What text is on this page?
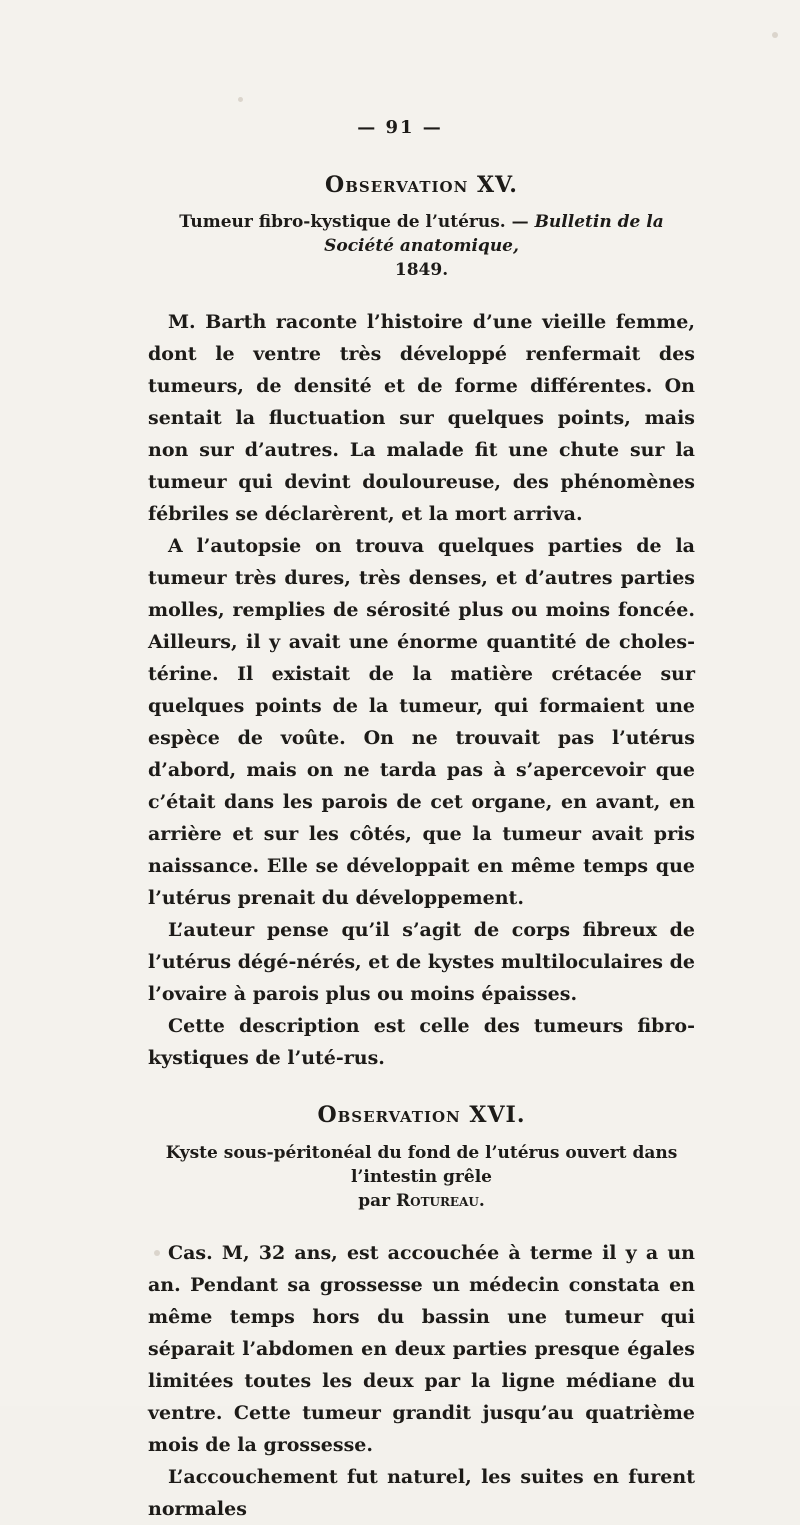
— 91 —
Observation XV.
Tumeur fibro-kystique de l’utérus. — Bulletin de la Société anatomique,
1849.

M. Barth raconte l’histoire d’une vieille femme, dont le ventre très développé renfermait des tumeurs, de densité et de forme différentes. On sentait la fluctuation sur quelques points, mais non sur d’autres. La malade fit une chute sur la tumeur qui devint douloureuse, des phénomènes fébriles se déclarèrent, et la mort arriva.

A l’autopsie on trouva quelques parties de la tumeur très dures, très denses, et d’autres parties molles, remplies de sérosité plus ou moins foncée. Ailleurs, il y avait une énorme quantité de choles-térine. Il existait de la matière crétacée sur quelques points de la tumeur, qui formaient une espèce de voûte. On ne trouvait pas l’utérus d’abord, mais on ne tarda pas à s’apercevoir que c’était dans les parois de cet organe, en avant, en arrière et sur les côtés, que la tumeur avait pris naissance. Elle se développait en même temps que l’utérus prenait du développement.

L’auteur pense qu’il s’agit de corps fibreux de l’utérus dégé-nérés, et de kystes multiloculaires de l’ovaire à parois plus ou moins épaisses.

Cette description est celle des tumeurs fibro-kystiques de l’uté-rus.

Observation XVI.
Kyste sous-péritonéal du fond de l’utérus ouvert dans l’intestin grêle
par Rotureau.

Cas. M, 32 ans, est accouchée à terme il y a un an. Pendant sa grossesse un médecin constata en même temps hors du bassin une tumeur qui séparait l’abdomen en deux parties presque égales limitées toutes les deux par la ligne médiane du ventre. Cette tumeur grandit jusqu’au quatrième mois de la grossesse.

L’accouchement fut naturel, les suites en furent normales
